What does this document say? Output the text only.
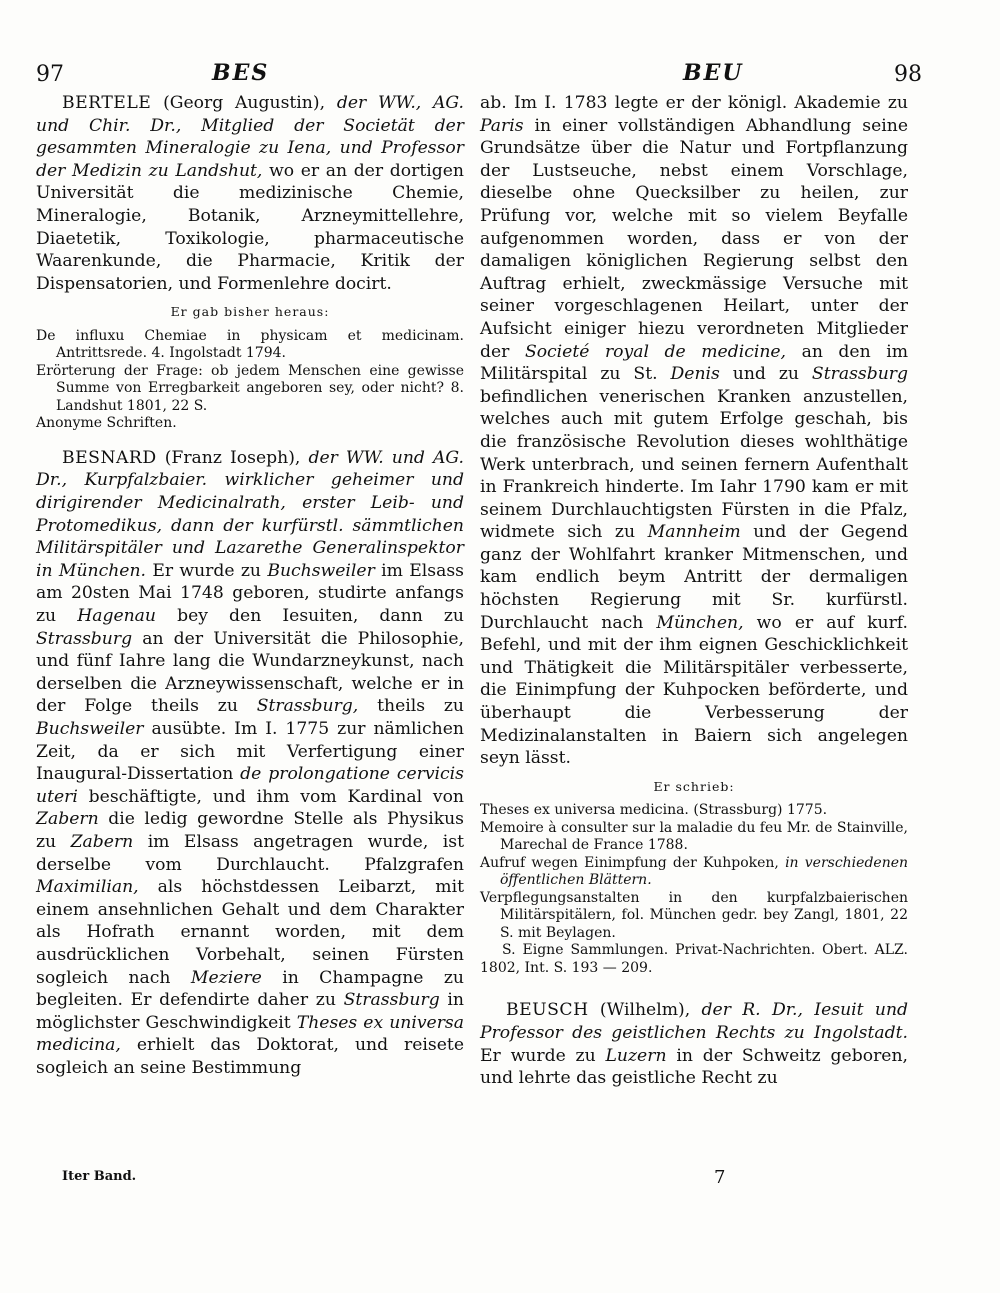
97	BES	BEU	98

BERTELE (Georg Augustin), der WW., AG. und Chir. Dr., Mitglied der Societät der gesammten Mineralogie zu Iena, und Professor der Medizin zu Landshut, wo er an der dortigen Universität die medizinische Chemie, Mineralogie, Botanik, Arzneymittellehre, Diaetetik, Toxikologie, pharmaceutische Waarenkunde, die Pharmacie, Kritik der Dispensatorien, und Formenlehre docirt.

Er gab bisher heraus:

De influxu Chemiae in physicam et medicinam. Antrittsrede. 4. Ingolstadt 1794.

Erörterung der Frage: ob jedem Menschen eine gewisse Summe von Erregbarkeit angeboren sey, oder nicht? 8. Landshut 1801, 22 S.

Anonyme Schriften.

BESNARD (Franz Ioseph), der WW. und AG. Dr., Kurpfalzbaier. wirklicher geheimer und dirigirender Medicinalrath, erster Leib- und Protomedikus, dann der kurfürstl. sämmtlichen Militärspitäler und Lazarethe Generalinspektor in München. Er wurde zu Buchsweiler im Elsass am 20sten Mai 1748 geboren, studirte anfangs zu Hagenau bey den Iesuiten, dann zu Strassburg an der Universität die Philosophie, und fünf Iahre lang die Wundarzneykunst, nach derselben die Arzneywissenschaft, welche er in der Folge theils zu Strassburg, theils zu Buchsweiler ausübte. Im I. 1775 zur nämlichen Zeit, da er sich mit Verfertigung einer Inaugural-Dissertation de prolongatione cervicis uteri beschäftigte, und ihm vom Kardinal von Zabern die ledig gewordne Stelle als Physikus zu Zabern im Elsass angetragen wurde, ist derselbe vom Durchlaucht. Pfalzgrafen Maximilian, als höchstdessen Leibarzt, mit einem ansehnlichen Gehalt und dem Charakter als Hofrath ernannt worden, mit dem ausdrücklichen Vorbehalt, seinen Fürsten sogleich nach Meziere in Champagne zu begleiten. Er defendirte daher zu Strassburg in möglichster Geschwindigkeit Theses ex universa medicina, erhielt das Doktorat, und reisete sogleich an seine Bestimmung

ab. Im I. 1783 legte er der königl. Akademie zu Paris in einer vollständigen Abhandlung seine Grundsätze über die Natur und Fortpflanzung der Lustseuche, nebst einem Vorschlage, dieselbe ohne Quecksilber zu heilen, zur Prüfung vor, welche mit so vielem Beyfalle aufgenommen worden, dass er von der damaligen königlichen Regierung selbst den Auftrag erhielt, zweckmässige Versuche mit seiner vorgeschlagenen Heilart, unter der Aufsicht einiger hiezu verordneten Mitglieder der Societé royal de medicine, an den im Militärspital zu St. Denis und zu Strassburg befindlichen venerischen Kranken anzustellen, welches auch mit gutem Erfolge geschah, bis die französische Revolution dieses wohlthätige Werk unterbrach, und seinen fernern Aufenthalt in Frankreich hinderte. Im Iahr 1790 kam er mit seinem Durchlauchtigsten Fürsten in die Pfalz, widmete sich zu Mannheim und der Gegend ganz der Wohlfahrt kranker Mitmenschen, und kam endlich beym Antritt der dermaligen höchsten Regierung mit Sr. kurfürstl. Durchlaucht nach München, wo er auf kurf. Befehl, und mit der ihm eignen Geschicklichkeit und Thätigkeit die Militärspitäler verbesserte, die Einimpfung der Kuhpocken beförderte, und überhaupt die Verbesserung der Medizinalanstalten in Baiern sich angelegen seyn lässt.

Er schrieb:

Theses ex universa medicina. (Strassburg) 1775.

Memoire à consulter sur la maladie du feu Mr. de Stainville, Marechal de France 1788.

Aufruf wegen Einimpfung der Kuhpoken, in verschiedenen öffentlichen Blättern.

Verpflegungsanstalten in den kurpfalzbaierischen Militärspitälern, fol. München gedr. bey Zangl, 1801, 22 S. mit Beylagen.

S. Eigne Sammlungen. Privat-Nachrichten. Obert. ALZ. 1802, Int. S. 193 — 209.

BEUSCH (Wilhelm), der R. Dr., Iesuit und Professor des geistlichen Rechts zu Ingolstadt. Er wurde zu Luzern in der Schweitz geboren, und lehrte das geistliche Recht zu

Iter Band.	7
